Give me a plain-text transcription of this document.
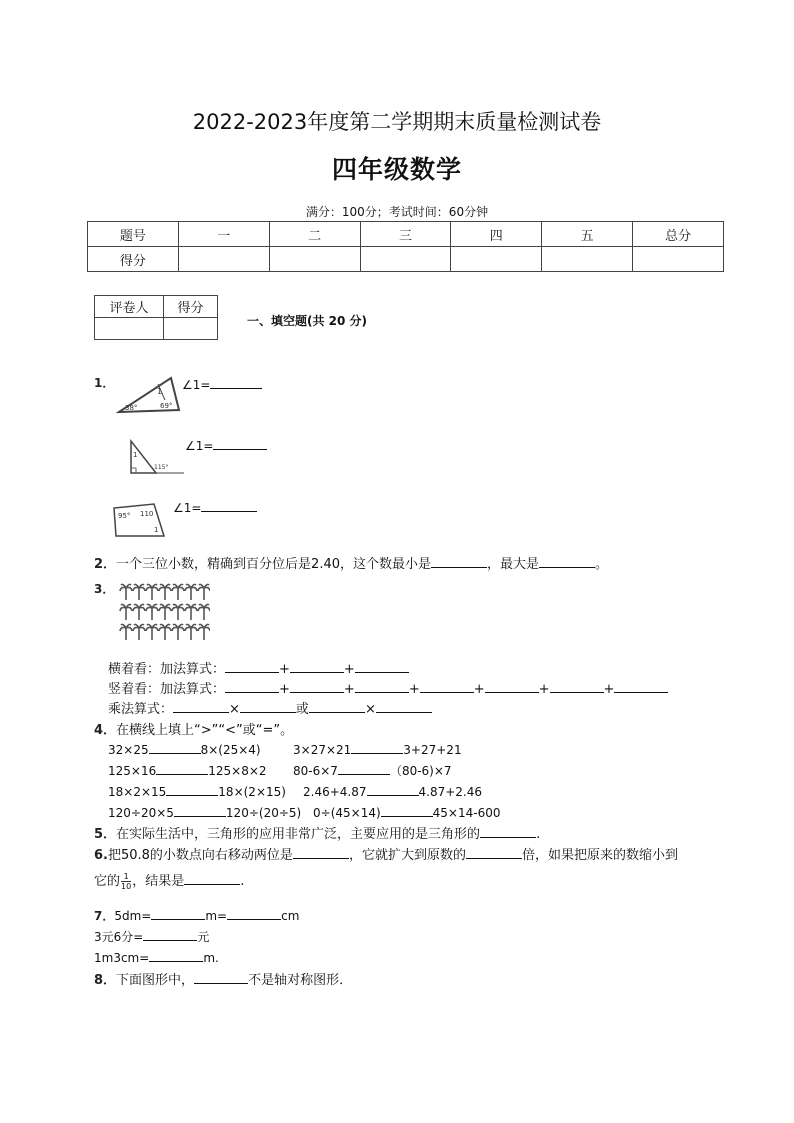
2022-2023年度第二学期期末质量检测试卷
四年级数学
满分：100分；考试时间：60分钟
题号	一	二	三	四	五	总分
得分						
评卷人	得分

一、填空题(共 20 分)
1．
38°	69°
1 ∠1=
1
115°
∠1=
95° 110
1
∠1=
2．一个三位小数，精确到百分位后是2.40，这个数最小是	，最大是	。
3．
横着看：加法算式：	+	+
竖着看：加法算式：	+	+	+	+	+	+
乘法算式：	×	或	×
4．在横线上填上“>”“<”或“=”。
32×25	8×(25×4)	3×27×21	3+27+21
125×16	125×8×2 80-6×7	（80-6)×7
18×2×15	18×(2×15) 2.46+4.87	4.87+2.46
120÷20×5	120÷(20÷5) 0÷(45×14)	45×14-600
5．在实际生活中，三角形的应用非常广泛，主要应用的是三角形的	.
6.把50.8的小数点向右移动两位是	，它就扩大到原数的	倍，如果把原来的数缩小到
它的 $\frac{1}{10}$ ，结果是	.
7．5dm=	m=	cm
3元6分=	元
1m3cm=	m.
8．下面图形中，	不是轴对称图形．
